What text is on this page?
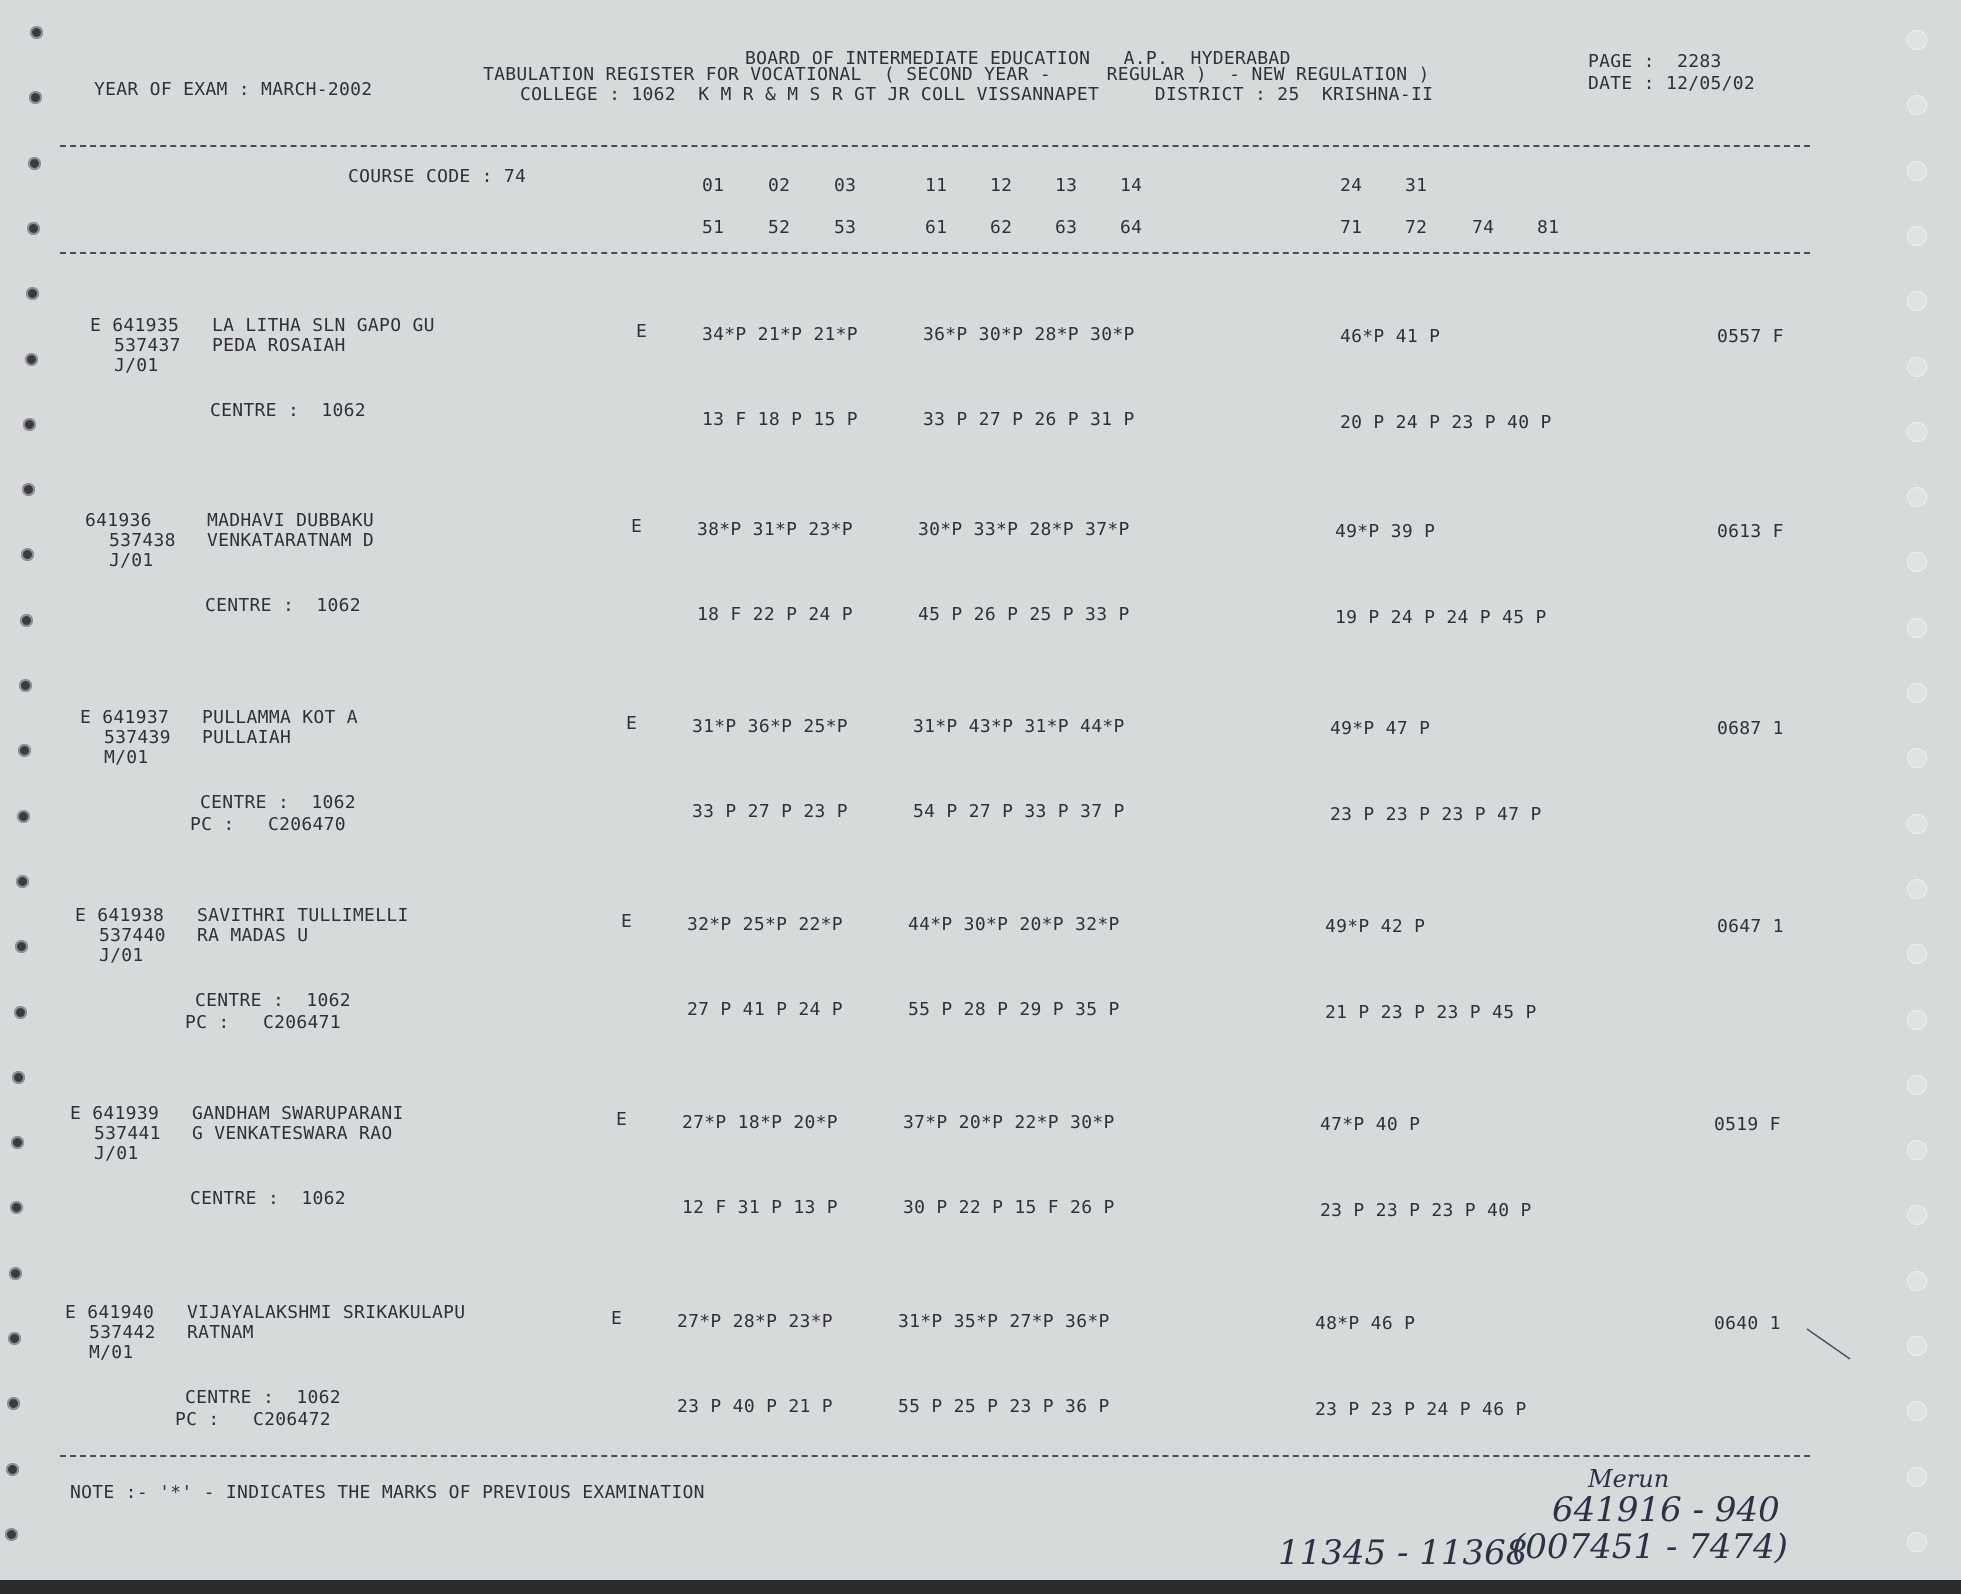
BOARD OF INTERMEDIATE EDUCATION   A.P.  HYDERABAD	PAGE :  2283
YEAR OF EXAM : MARCH-2002
TABULATION REGISTER FOR VOCATIONAL  ( SECOND YEAR -     REGULAR )  - NEW REGULATION )	DATE : 12/05/02
COLLEGE : 1062  K M R & M S R GT JR COLL VISSANNAPET     DISTRICT : 25  KRISHNA-II
COURSE CODE : 74	01 02 03	11 12 13 14	24 31
51 52 53	61 62 63 64	71 72 74 81
E 641935
537437
J/01
LA LITHA SLN GAPO GU
PEDA ROSAIAH
E	34*P 21*P 21*P	36*P 30*P 28*P 30*P	46*P 41 P	0557 F
CENTRE :  1062	13 F 18 P 15 P	33 P 27 P 26 P 31 P	20 P 24 P 23 P 40 P
641936
537438
J/01
MADHAVI DUBBAKU
VENKATARATNAM D
E	38*P 31*P 23*P	30*P 33*P 28*P 37*P	49*P 39 P	0613 F
CENTRE :  1062	18 F 22 P 24 P	45 P 26 P 25 P 33 P	19 P 24 P 24 P 45 P
E 641937
537439
M/01
PULLAMMA KOT A
PULLAIAH
E	31*P 36*P 25*P	31*P 43*P 31*P 44*P	49*P 47 P	0687 1
CENTRE :  1062
PC :   C206470
33 P 27 P 23 P	54 P 27 P 33 P 37 P	23 P 23 P 23 P 47 P
E 641938
537440
J/01
SAVITHRI TULLIMELLI
RA MADAS U
E	32*P 25*P 22*P	44*P 30*P 20*P 32*P	49*P 42 P	0647 1
CENTRE :  1062
PC :   C206471
27 P 41 P 24 P	55 P 28 P 29 P 35 P	21 P 23 P 23 P 45 P
E 641939
537441
J/01
GANDHAM SWARUPARANI
G VENKATESWARA RAO
E	27*P 18*P 20*P	37*P 20*P 22*P 30*P	47*P 40 P	0519 F
CENTRE :  1062	12 F 31 P 13 P	30 P 22 P 15 F 26 P	23 P 23 P 23 P 40 P
E 641940
537442
M/01
VIJAYALAKSHMI SRIKAKULAPU
RATNAM
E	27*P 28*P 23*P	31*P 35*P 27*P 36*P	48*P 46 P	0640 1
CENTRE :  1062
PC :   C206472
23 P 40 P 21 P	55 P 25 P 23 P 36 P	23 P 23 P 24 P 46 P
NOTE :- '*' - INDICATES THE MARKS OF PREVIOUS EXAMINATION	Merun
641916 - 940
11345 - 11368
(007451 - 7474)
